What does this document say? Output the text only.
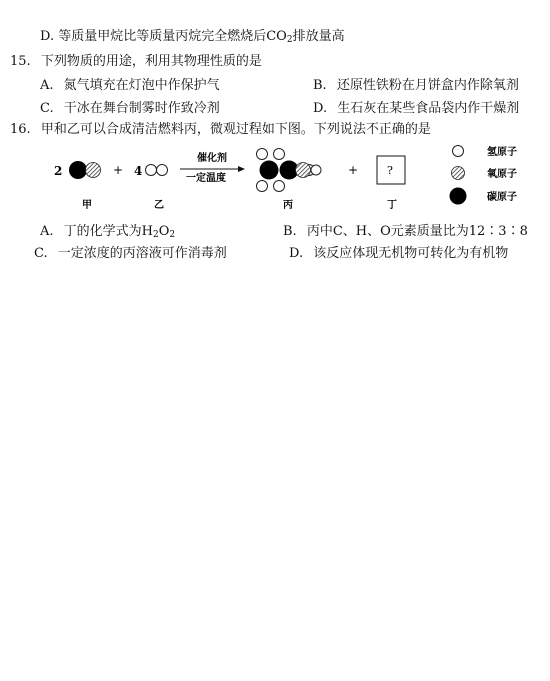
D. 等质量甲烷比等质量丙烷完全燃烧后$CO_2$排放量高
15. 下列物质的用途，利用其物理性质的是
A. 氮气填充在灯泡中作保护气	B. 还原性铁粉在月饼盒内作除氧剂
C. 干冰在舞台制雾时作致冷剂	D. 生石灰在某些食品袋内作干燥剂
16. 甲和乙可以合成清洁燃料丙，微观过程如下图。下列说法不正确的是
2	+ 4
催化剂
一定温度
+	?
氢原子
氧原子
碳原子
甲	乙	丙	丁
A. 丁的化学式为$H_2O_2$	B. 丙中C、H、O元素质量比为12∶3∶8
C. 一定浓度的丙溶液可作消毒剂	D. 该反应体现无机物可转化为有机物
